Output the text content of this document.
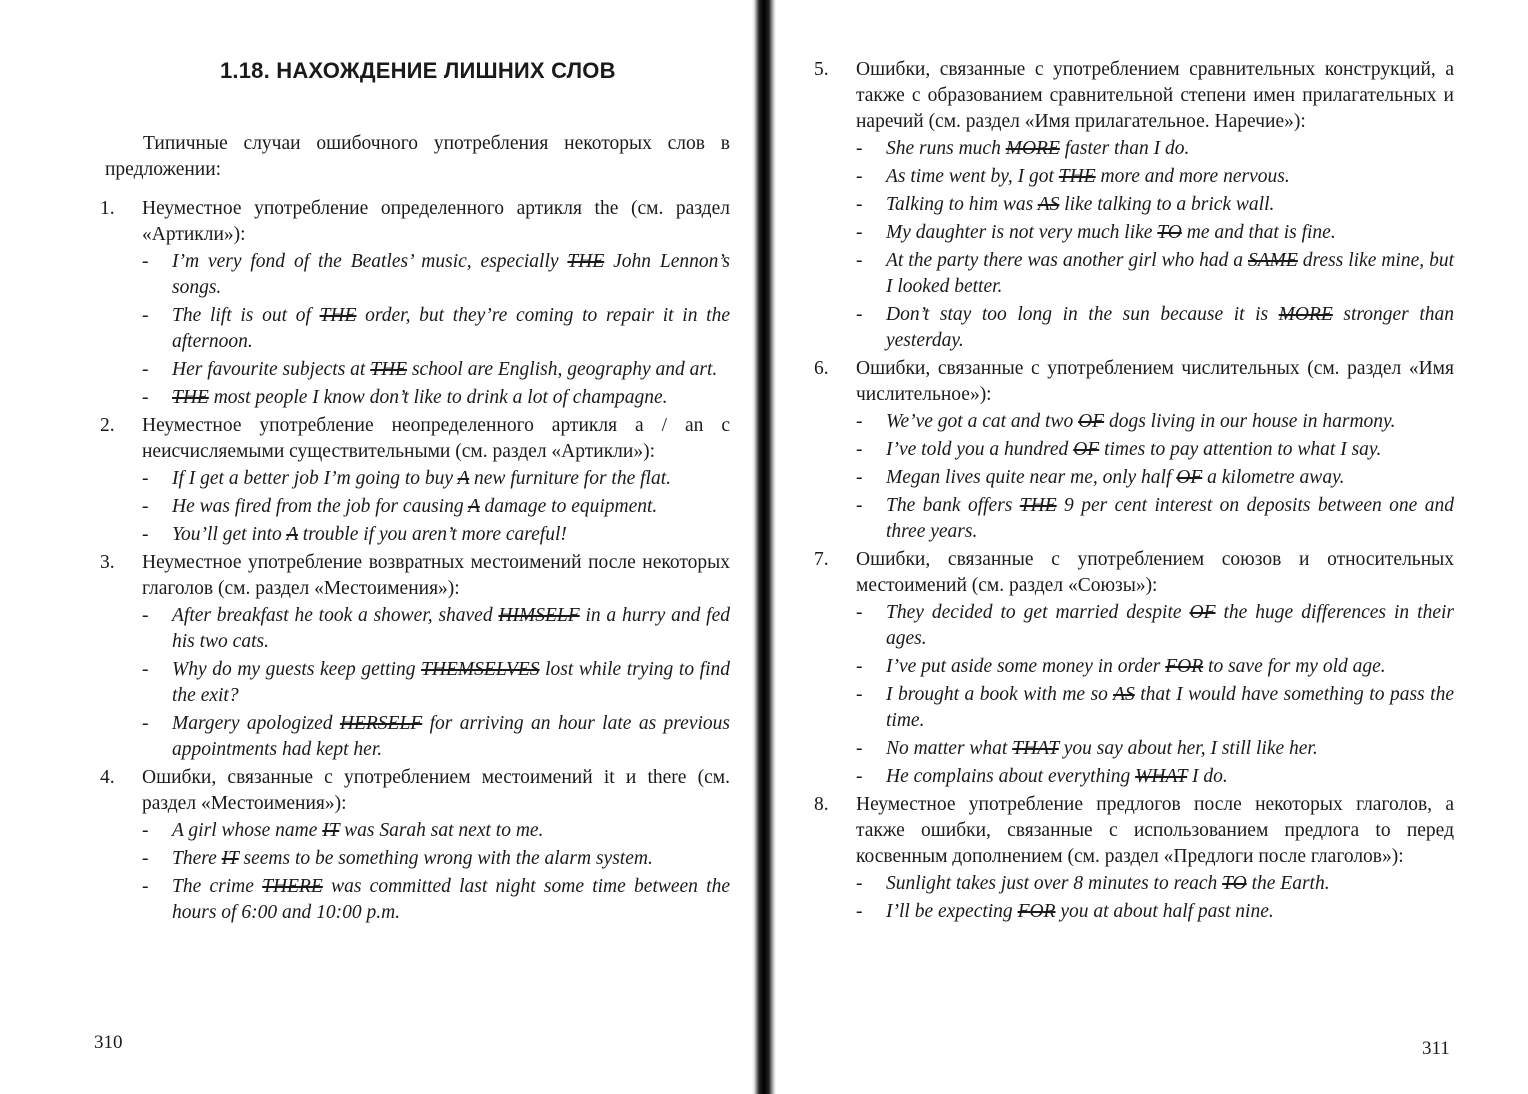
1.18. НАХОЖДЕНИЕ ЛИШНИХ СЛОВ
Типичные случаи ошибочного употребления некоторых слов в предложении:
1.	Неуместное употребление определенного артикля the (см. раздел «Артикли»):
- I’m very fond of the Beatles’ music, especially THE John Lennon’s songs.
- The lift is out of THE order, but they’re coming to repair it in the afternoon.
- Her favourite subjects at THE school are English, geography and art.
- THE most people I know don’t like to drink a lot of champagne.
2.	Неуместное употребление неопределенного артикля a / an с неисчисляемыми существительными (см. раздел «Артикли»):
- If I get a better job I’m going to buy A new furniture for the flat.
- He was fired from the job for causing A damage to equipment.
- You’ll get into A trouble if you aren’t more careful!
3.	Неуместное употребление возвратных местоимений после некоторых глаголов (см. раздел «Местоимения»):
- After breakfast he took a shower, shaved HIMSELF in a hurry and fed his two cats.
- Why do my guests keep getting THEMSELVES lost while trying to find the exit?
- Margery apologized HERSELF for arriving an hour late as previous appointments had kept her.
4.	Ошибки, связанные с употреблением местоимений it и there (см. раздел «Местоимения»):
- A girl whose name IT was Sarah sat next to me.
- There IT seems to be something wrong with the alarm system.
- The crime THERE was committed last night some time between the hours of 6:00 and 10:00 p.m.
310
5.	Ошибки, связанные с употреблением сравнительных конструкций, а также с образованием сравнительной степени имен прилагательных и наречий (см. раздел «Имя прилагательное. Наречие»):
- She runs much MORE faster than I do.
- As time went by, I got THE more and more nervous.
- Talking to him was AS like talking to a brick wall.
- My daughter is not very much like TO me and that is fine.
- At the party there was another girl who had a SAME dress like mine, but I looked better.
- Don’t stay too long in the sun because it is MORE stronger than yesterday.
6.	Ошибки, связанные с употреблением числительных (см. раздел «Имя числительное»):
- We’ve got a cat and two OF dogs living in our house in harmony.
- I’ve told you a hundred OF times to pay attention to what I say.
- Megan lives quite near me, only half OF a kilometre away.
- The bank offers THE 9 per cent interest on deposits between one and three years.
7.	Ошибки, связанные с употреблением союзов и относительных местоимений (см. раздел «Союзы»):
- They decided to get married despite OF the huge differences in their ages.
- I’ve put aside some money in order FOR to save for my old age.
- I brought a book with me so AS that I would have something to pass the time.
- No matter what THAT you say about her, I still like her.
- He complains about everything WHAT I do.
8.	Неуместное употребление предлогов после некоторых глаголов, а также ошибки, связанные с использованием предлога to перед косвенным дополнением (см. раздел «Предлоги после глаголов»):
- Sunlight takes just over 8 minutes to reach TO the Earth.
- I’ll be expecting FOR you at about half past nine.
311
